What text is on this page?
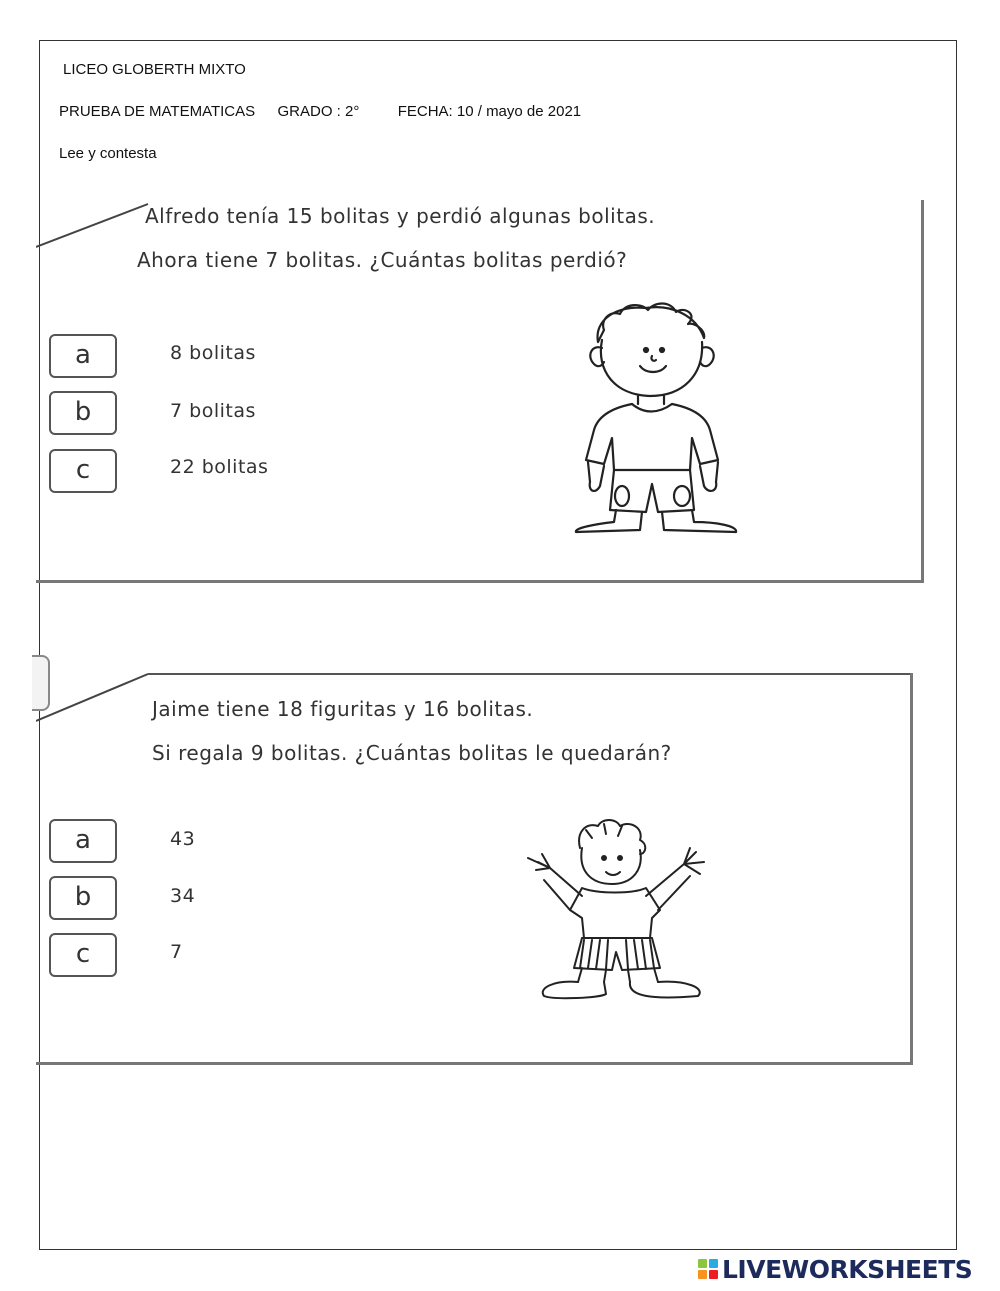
LICEO GLOBERTH MIXTO
PRUEBA DE MATEMATICAS GRADO : 2°	FECHA: 10 / mayo de 2021
Lee y contesta
Alfredo tenía 15 bolitas y perdió algunas bolitas.
Ahora tiene 7 bolitas. ¿Cuántas bolitas perdió?
a	8 bolitas
b	7 bolitas
c	22 bolitas
Jaime tiene 18 figuritas y 16 bolitas.
Si regala 9 bolitas. ¿Cuántas bolitas le quedarán?
a	43
b	34
c	7
LIVEWORKSHEETS
